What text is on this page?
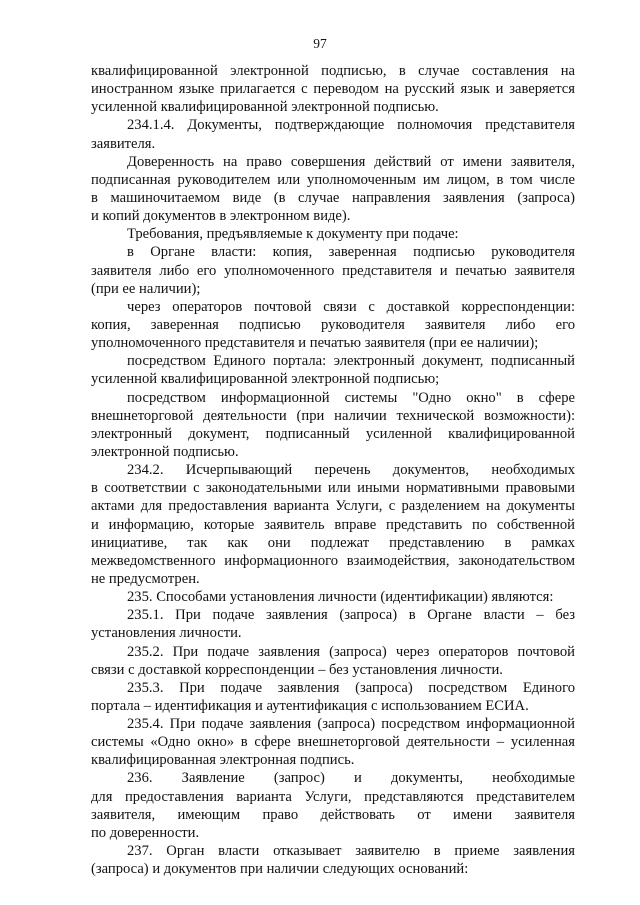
97
квалифицированной электронной подписью, в случае составления на
иностранном языке прилагается с переводом на русский язык и заверяется
усиленной квалифицированной электронной подписью.
234.1.4. Документы, подтверждающие полномочия представителя
заявителя.
Доверенность на право совершения действий от имени заявителя,
подписанная руководителем или уполномоченным им лицом, в том числе
в машиночитаемом виде (в случае направления заявления (запроса)
и копий документов в электронном виде).
Требования, предъявляемые к документу при подаче:
в Органе власти: копия, заверенная подписью руководителя
заявителя либо его уполномоченного представителя и печатью заявителя
(при ее наличии);
через операторов почтовой связи с доставкой корреспонденции:
копия, заверенная подписью руководителя заявителя либо его
уполномоченного представителя и печатью заявителя (при ее наличии);
посредством Единого портала: электронный документ, подписанный
усиленной квалифицированной электронной подписью;
посредством информационной системы "Одно окно" в сфере
внешнеторговой деятельности (при наличии технической возможности):
электронный документ, подписанный усиленной квалифицированной
электронной подписью.
234.2. Исчерпывающий перечень документов, необходимых
в соответствии с законодательными или иными нормативными правовыми
актами для предоставления варианта Услуги, с разделением на документы
и информацию, которые заявитель вправе представить по собственной
инициативе, так как они подлежат представлению в рамках
межведомственного информационного взаимодействия, законодательством
не предусмотрен.
235. Способами установления личности (идентификации) являются:
235.1. При подаче заявления (запроса) в Органе власти – без
установления личности.
235.2. При подаче заявления (запроса) через операторов почтовой
связи с доставкой корреспонденции – без установления личности.
235.3. При подаче заявления (запроса) посредством Единого
портала – идентификация и аутентификация с использованием ЕСИА.
235.4. При подаче заявления (запроса) посредством информационной
системы «Одно окно» в сфере внешнеторговой деятельности – усиленная
квалифицированная электронная подпись.
236. Заявление (запрос) и документы, необходимые
для предоставления варианта Услуги, представляются представителем
заявителя, имеющим право действовать от имени заявителя
по доверенности.
237. Орган власти отказывает заявителю в приеме заявления
(запроса) и документов при наличии следующих оснований:
